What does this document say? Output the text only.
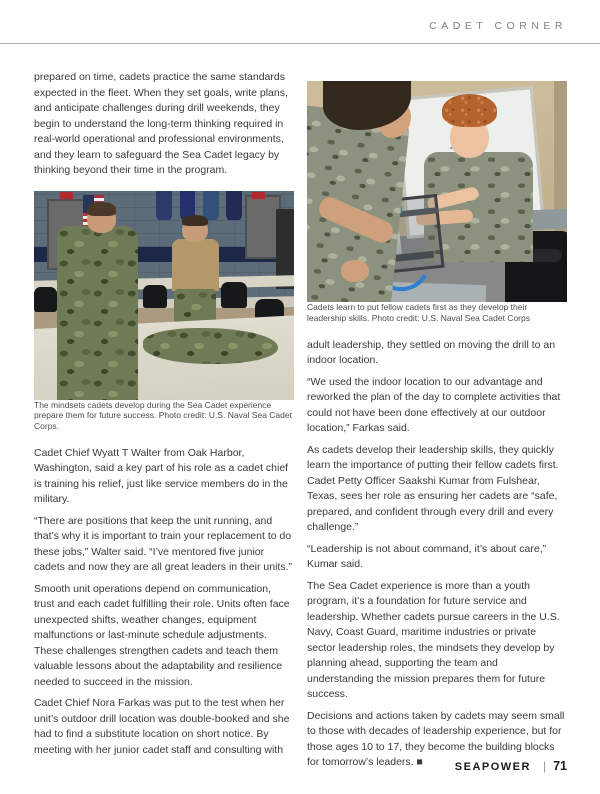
CADET CORNER

prepared on time, cadets practice the same standards expected in the fleet. When they set goals, write plans, and anticipate challenges during drill weekends, they begin to understand the long-term thinking required in real-world operational and professional environments, and they learn to safeguard the Sea Cadet legacy by thinking beyond their time in the program.

The mindsets cadets develop during the Sea Cadet experience prepare them for future success. Photo credit: U.S. Naval Sea Cadet Corps.

Cadet Chief Wyatt T Walter from Oak Harbor, Washington, said a key part of his role as a cadet chief is training his relief, just like service members do in the military.

“There are positions that keep the unit running, and that’s why it is important to train your replacement to do these jobs,” Walter said. “I’ve mentored five junior cadets and now they are all great leaders in their units.”

Smooth unit operations depend on communication, trust and each cadet fulfilling their role. Units often face unexpected shifts, weather changes, equipment malfunctions or last-minute schedule adjustments. These challenges strengthen cadets and teach them valuable lessons about the adaptability and resilience needed to succeed in the mission.

Cadet Chief Nora Farkas was put to the test when her unit’s outdoor drill location was double-booked and she had to find a substitute location on short notice. By meeting with her junior cadet staff and consulting with

Cadets learn to put fellow cadets first as they develop their leadership skills. Photo credit: U.S. Naval Sea Cadet Corps

adult leadership, they settled on moving the drill to an indoor location.

“We used the indoor location to our advantage and reworked the plan of the day to complete activities that could not have been done effectively at our outdoor location,” Farkas said.

As cadets develop their leadership skills, they quickly learn the importance of putting their fellow cadets first. Cadet Petty Officer Saakshi Kumar from Fulshear, Texas, sees her role as ensuring her cadets are “safe, prepared, and confident through every drill and every challenge.”

“Leadership is not about command, it’s about care,” Kumar said.

The Sea Cadet experience is more than a youth program, it’s a foundation for future service and leadership. Whether cadets pursue careers in the U.S. Navy, Coast Guard, maritime industries or private sector leadership roles, the mindsets they develop by planning ahead, supporting the team and understanding the mission prepares them for future success.

Decisions and actions taken by cadets may seem small to those with decades of leadership experience, but for those ages 10 to 17, they become the building blocks for tomorrow’s leaders. ■	SEAPOWER | 71
